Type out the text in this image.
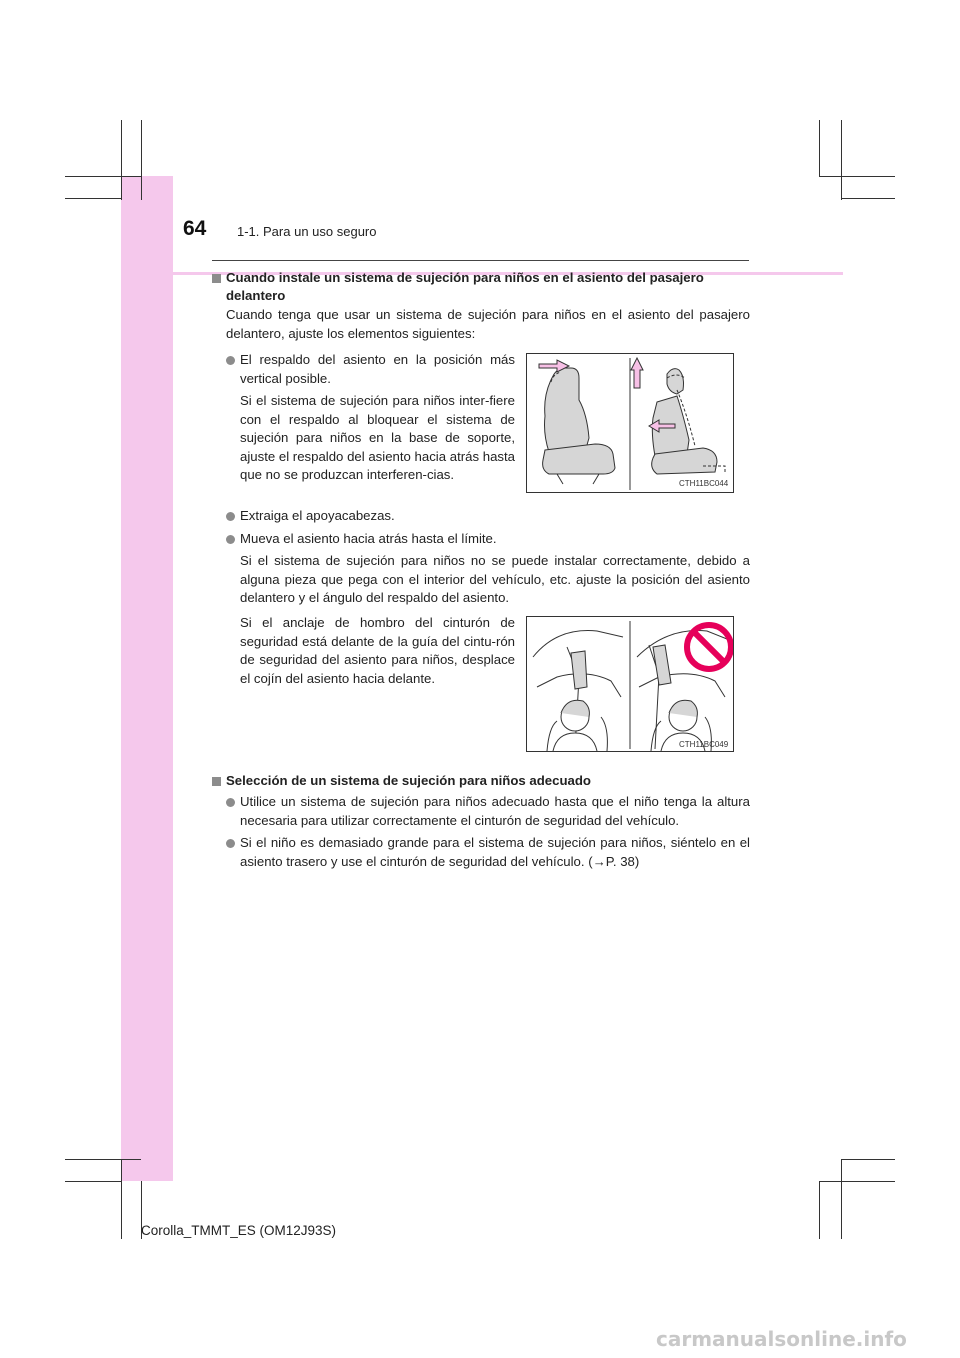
64 1-1. Para un uso seguro
Cuando instale un sistema de sujeción para niños en el asiento del pasajero
delantero
Cuando tenga que usar un sistema de sujeción para niños en el asiento del pasajero delantero, ajuste los elementos siguientes:
El respaldo del asiento en la posición más vertical posible.
Si el sistema de sujeción para niños inter-fiere con el respaldo al bloquear el sistema de sujeción para niños en la base de soporte, ajuste el respaldo del asiento hacia atrás hasta que no se produzcan interferen-cias.
CTH11BC044
Extraiga el apoyacabezas.
Mueva el asiento hacia atrás hasta el límite.
Si el sistema de sujeción para niños no se puede instalar correctamente, debido a alguna pieza que pega con el interior del vehículo, etc. ajuste la posición del asiento delantero y el ángulo del respaldo del asiento.
Si el anclaje de hombro del cinturón de seguridad está delante de la guía del cintu-rón de seguridad del asiento para niños, desplace el cojín del asiento hacia delante.
CTH11BC049
Selección de un sistema de sujeción para niños adecuado
Utilice un sistema de sujeción para niños adecuado hasta que el niño tenga la altura necesaria para utilizar correctamente el cinturón de seguridad del vehículo.
Si el niño es demasiado grande para el sistema de sujeción para niños, siéntelo en el asiento trasero y use el cinturón de seguridad del vehículo. (→P. 38)
Corolla_TMMT_ES (OM12J93S)
carmanualsonline.info
